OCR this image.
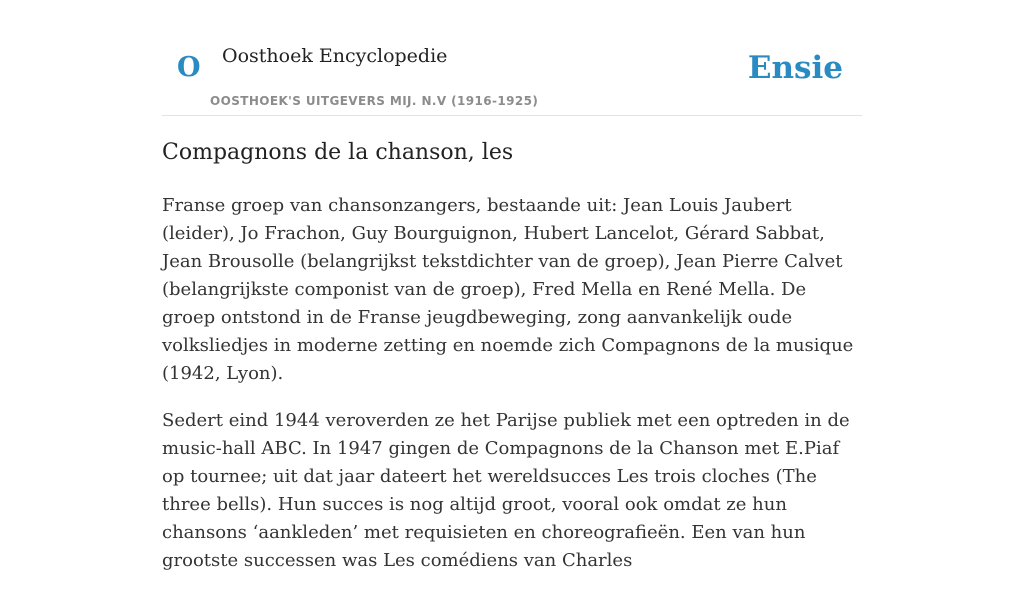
O Oosthoek Encyclopedie
OOSTHOEK'S UITGEVERS MIJ. N.V (1916-1925)
Ensie
Compagnons de la chanson, les

Franse groep van chansonzangers, bestaande uit: Jean Louis Jaubert (leider), Jo Frachon, Guy Bourguignon, Hubert Lancelot, Gérard Sabbat, Jean Brousolle (belangrijkst tekstdichter van de groep), Jean Pierre Calvet (belangrijkste componist van de groep), Fred Mella en René Mella. De groep ontstond in de Franse jeugdbeweging, zong aanvankelijk oude volksliedjes in moderne zetting en noemde zich Compagnons de la musique (1942, Lyon).

Sedert eind 1944 veroverden ze het Parijse publiek met een optreden in de music-hall ABC. In 1947 gingen de Compagnons de la Chanson met E.Piaf op tournee; uit dat jaar dateert het wereldsucces Les trois cloches (The three bells). Hun succes is nog altijd groot, vooral ook omdat ze hun chansons ‘aankleden’ met requisieten en choreografieën. Een van hun grootste successen was Les comédiens van Charles
